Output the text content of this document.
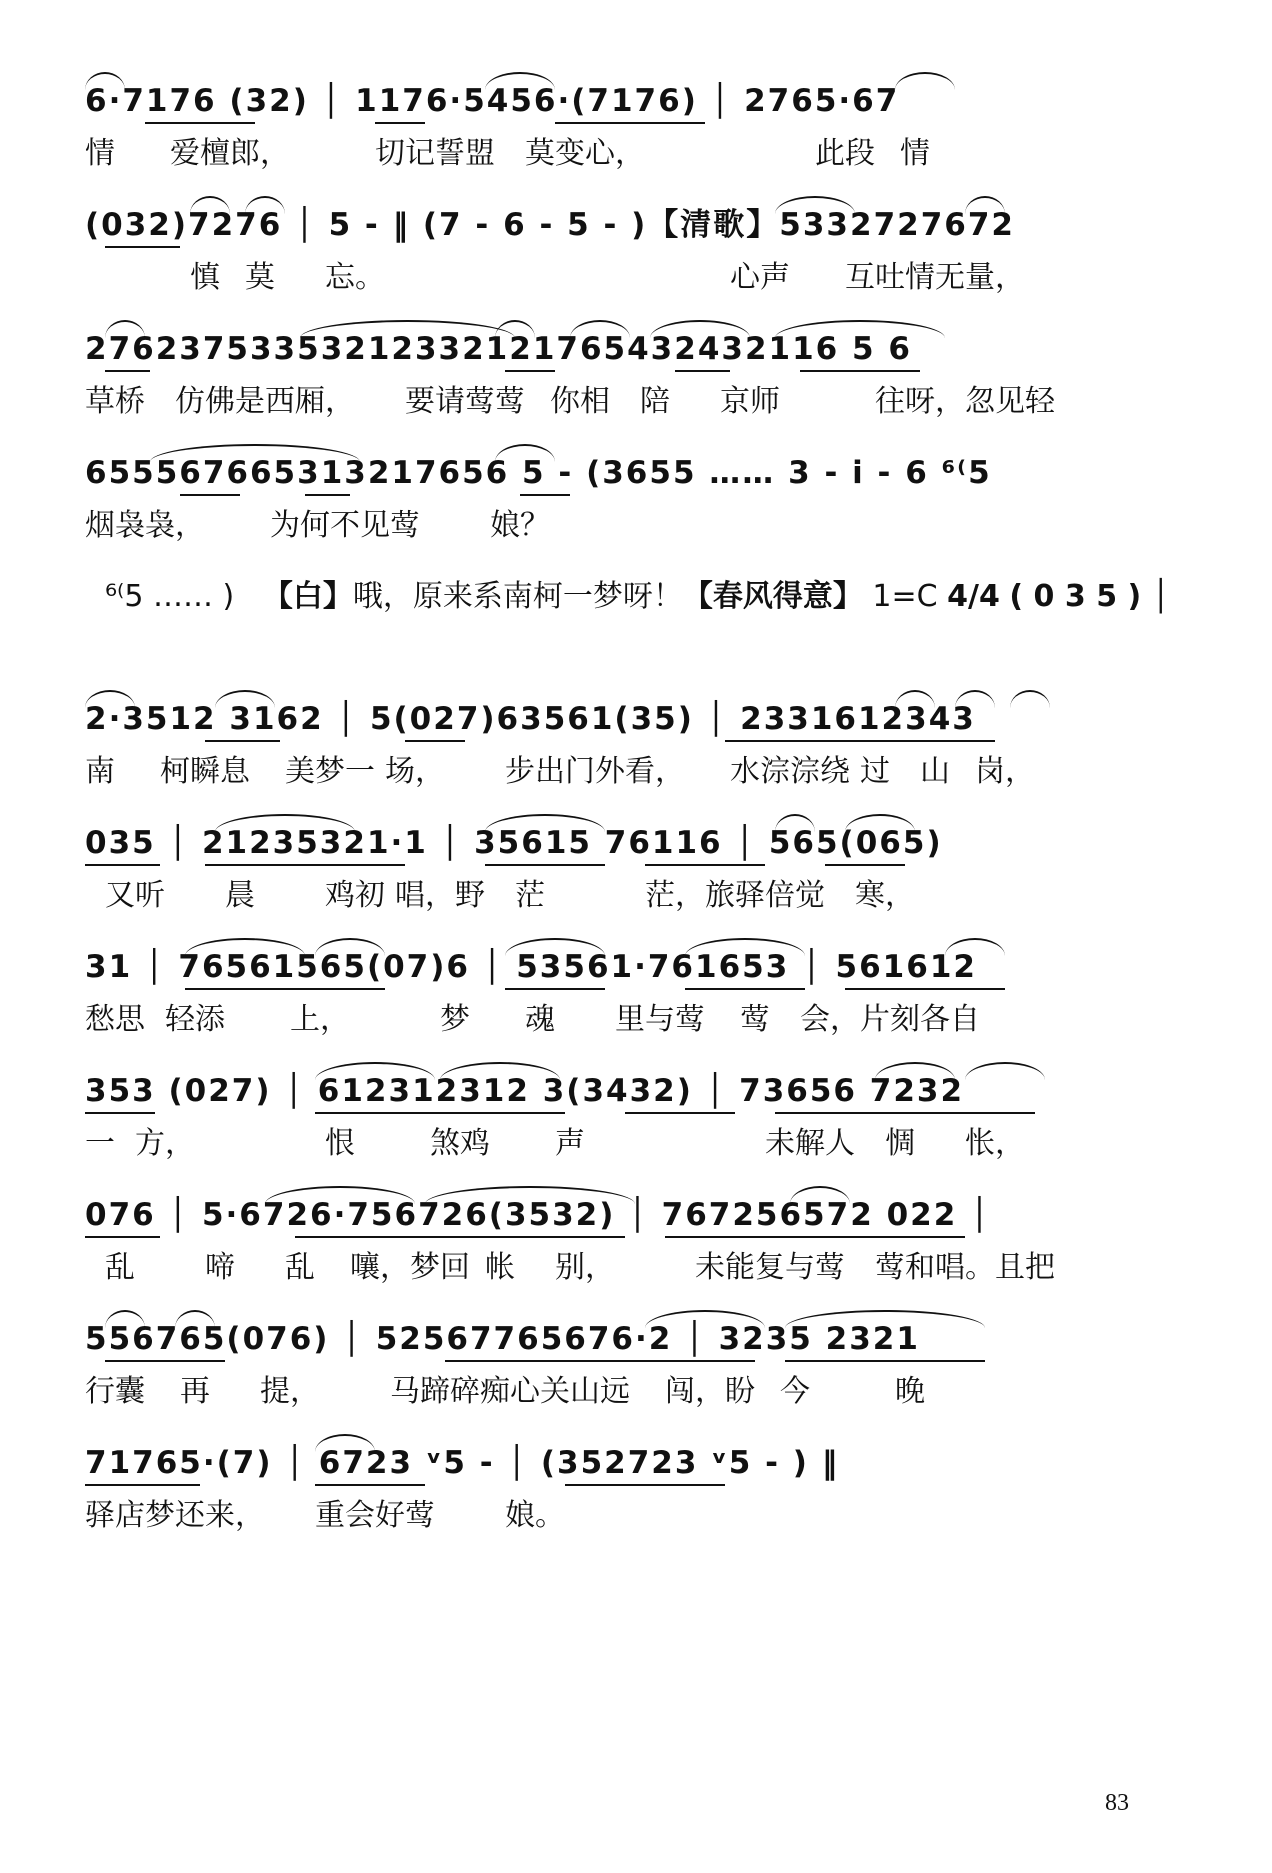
6·7176 (32) │ 1176·5456·(7176) │ 2765·67
情 爱檀郎，	切记誓盟 莫变心，	此段 情
(032)7276 │ 5 - ‖ (7 - 6 - 5 - )【清歌】5332727672
慎 莫 忘。	心声 互吐情无量，
27623753353212332121765432432116 5 6
草桥 仿佛是西厢， 要请莺莺 你相 陪 京师	往呀，忽见轻
655567665313217656 5 - (3655 …… 3 - i - 6 ⁶⁽5
烟袅袅， 为何不见莺 娘？
⁶⁽5 …… ) 【白】哦，原来系南柯一梦呀！【春风得意】 1=C 4/4 ( 0 3 5 ) │
2·3512 3162 │ 5(027)63561(35) │ 2331612343
南 柯瞬息 美梦一 场， 步出门外看， 水淙淙绕 过 山 岗，
035 │ 21235321·1 │ 35615 76116 │ 565(065)
又听 晨 鸡初 唱，野 茫	茫，旅驿倍觉 寒，
31 │ 76561565(07)6 │ 53561·761653 │ 561612
愁思 轻添 上，	梦 魂 里与莺 莺 会，片刻各自
353 (027) │ 612312312 3(3432) │ 73656 7232
一 方，	恨	煞鸡 声	未解人 惆 怅，
076 │ 5·6726·756726(3532) │ 767256572 022 │
乱 啼 乱 嚷，梦回 帐 别，	未能复与莺 莺和唱。且把
556765(076) │ 52567765676·2 │ 3235 2321
行囊 再 提， 马蹄碎痴心关山远 闯，盼 今	晚
71765·(7) │ 6723 ᵛ5 - │ (352723 ᵛ5 - ) ‖
驿店梦还来， 重会好莺 娘。
83
